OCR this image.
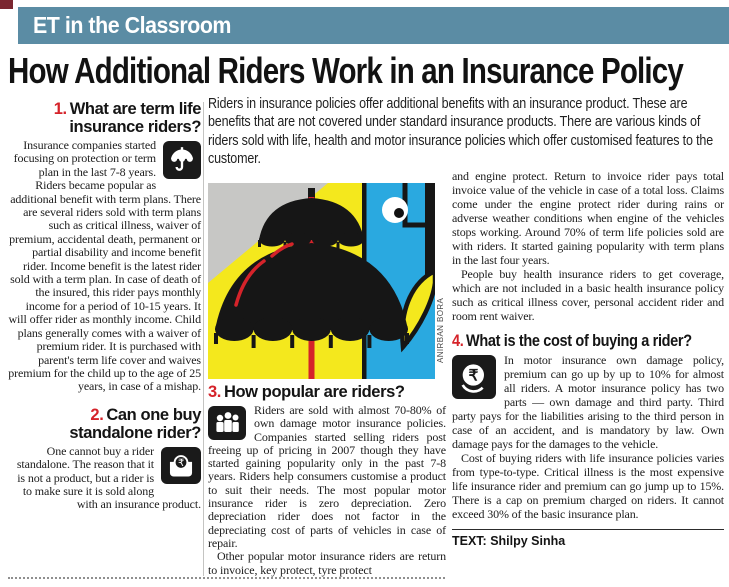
ET in the Classroom
How Additional Riders Work in an Insurance Policy
1. What are term life insurance riders?

Insurance companies started focusing on protection or term plan in the last 7-8 years. Riders became popular as additional benefit with term plans. There are several riders sold with term plans such as critical illness, waiver of premium, accidental death, permanent or partial disability and income benefit rider. Income benefit is the latest rider sold with a term plan. In case of death of the insured, this rider pays monthly income for a period of 10-15 years. It will offer rider as monthly income. Child plans generally comes with a waiver of premium rider. It is purchased with parent's term life cover and waives premium for the child up to the age of 25 years, in case of a mishap.

2. Can one buy standalone rider?

₹
One cannot buy a rider standalone. The reason that it is not a product, but a rider is to make sure it is sold along with an insurance product.

Riders in insurance policies offer additional benefits with an insurance product. These are benefits that are not covered under standard insurance products. There are various kinds of riders sold with life, health and motor insurance policies which offer customised features to the customer.

ANIRBAN BORA
3. How popular are riders?

Riders are sold with almost 70-80% of own damage motor insurance policies. Companies started selling riders post freeing up of pricing in 2007 though they have started gaining popularity only in the past 7-8 years. Riders help consumers customise a product to suit their needs. The most popular motor insurance rider is zero depreciation. Zero depreciation rider does not factor in the depreciating cost of parts of vehicles in case of repair.

Other popular motor insurance riders are return to invoice, key protect, tyre protect

and engine protect. Return to invoice rider pays total invoice value of the vehicle in case of a total loss. Claims come under the engine protect rider during rains or adverse weather conditions when engine of the vehicles stops working. Around 70% of term life policies sold are with riders. It started gaining popularity with term plans in the last four years.

People buy health insurance riders to get coverage, which are not included in a basic health insurance policy such as critical illness cover, personal accident rider and room rent waiver.

4. What is the cost of buying a rider?

₹
In motor insurance own damage policy, premium can go up by up to 10% for almost all riders. A motor insurance policy has two parts — own damage and third party. Third party pays for the liabilities arising to the third person in case of an accident, and is mandatory by law. Own damage pays for the damages to the vehicle.

Cost of buying riders with life insurance policies varies from type-to-type. Critical illness is the most expensive life insurance rider and premium can go jump up to 15%. There is a cap on premium charged on riders. It cannot exceed 30% of the basic insurance plan.

TEXT: Shilpy Sinha
